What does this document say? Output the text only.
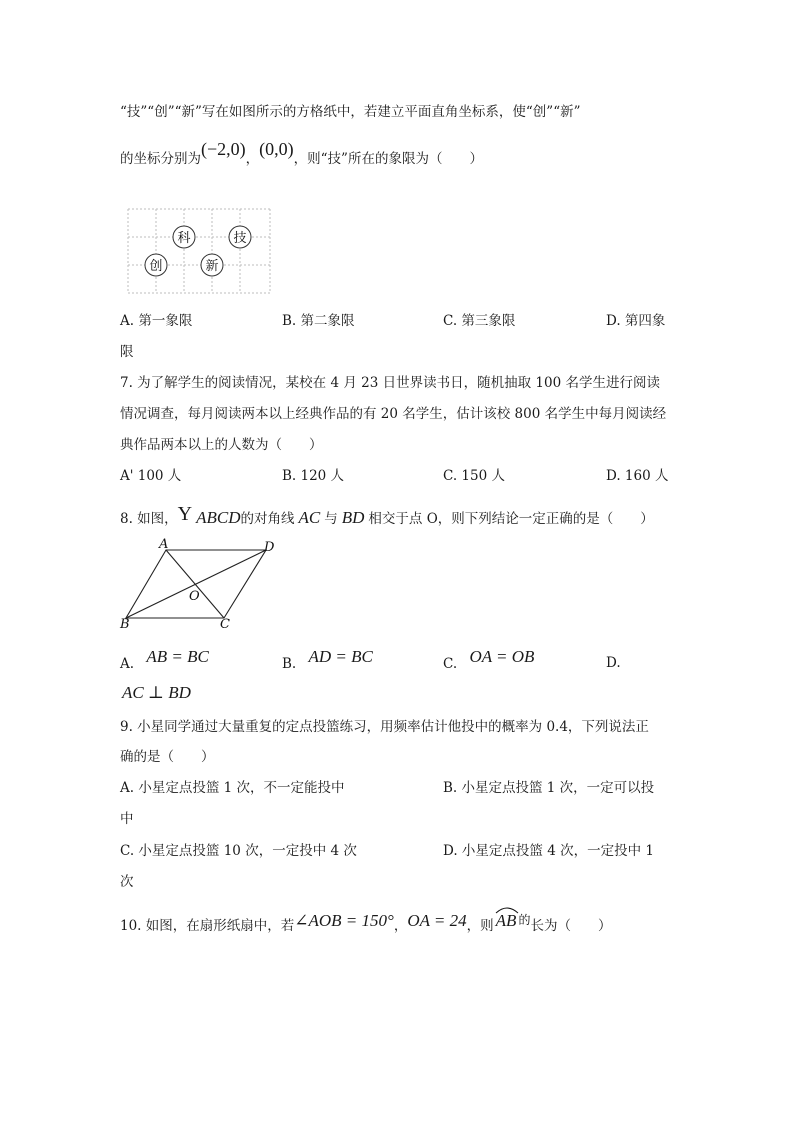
“技”“创”“新”写在如图所示的方格纸中，若建立平面直角坐标系，使“创”“新”
的坐标分别为(−2,0)，(0,0)，则“技”所在的象限为（　　）
科	技
创	新
A. 第一象限	B. 第二象限	C. 第三象限	D. 第四象
限
7. 为了解学生的阅读情况，某校在 4 月 23 日世界读书日，随机抽取 100 名学生进行阅读
情况调查，每月阅读两本以上经典作品的有 20 名学生，估计该校 800 名学生中每月阅读经
典作品两本以上的人数为（　　）
A' 100 人	B. 120 人	C. 150 人	D. 160 人
8. 如图，Y ABCD的对角线 AC 与 BD 相交于点 O，则下列结论一定正确的是（　　）
A	D
O
B	C
A. AB = BC	B. AD = BC	C. OA = OB	D.
AC ⊥ BD
9. 小星同学通过大量重复的定点投篮练习，用频率估计他投中的概率为 0.4，下列说法正
确的是（　　）
A. 小星定点投篮 1 次，不一定能投中	B. 小星定点投篮 1 次，一定可以投
中
C. 小星定点投篮 10 次，一定投中 4 次	D. 小星定点投篮 4 次，一定投中 1
次
10. 如图，在扇形纸扇中，若∠AOB = 150°，OA = 24，则 AB 的长为（　　）
